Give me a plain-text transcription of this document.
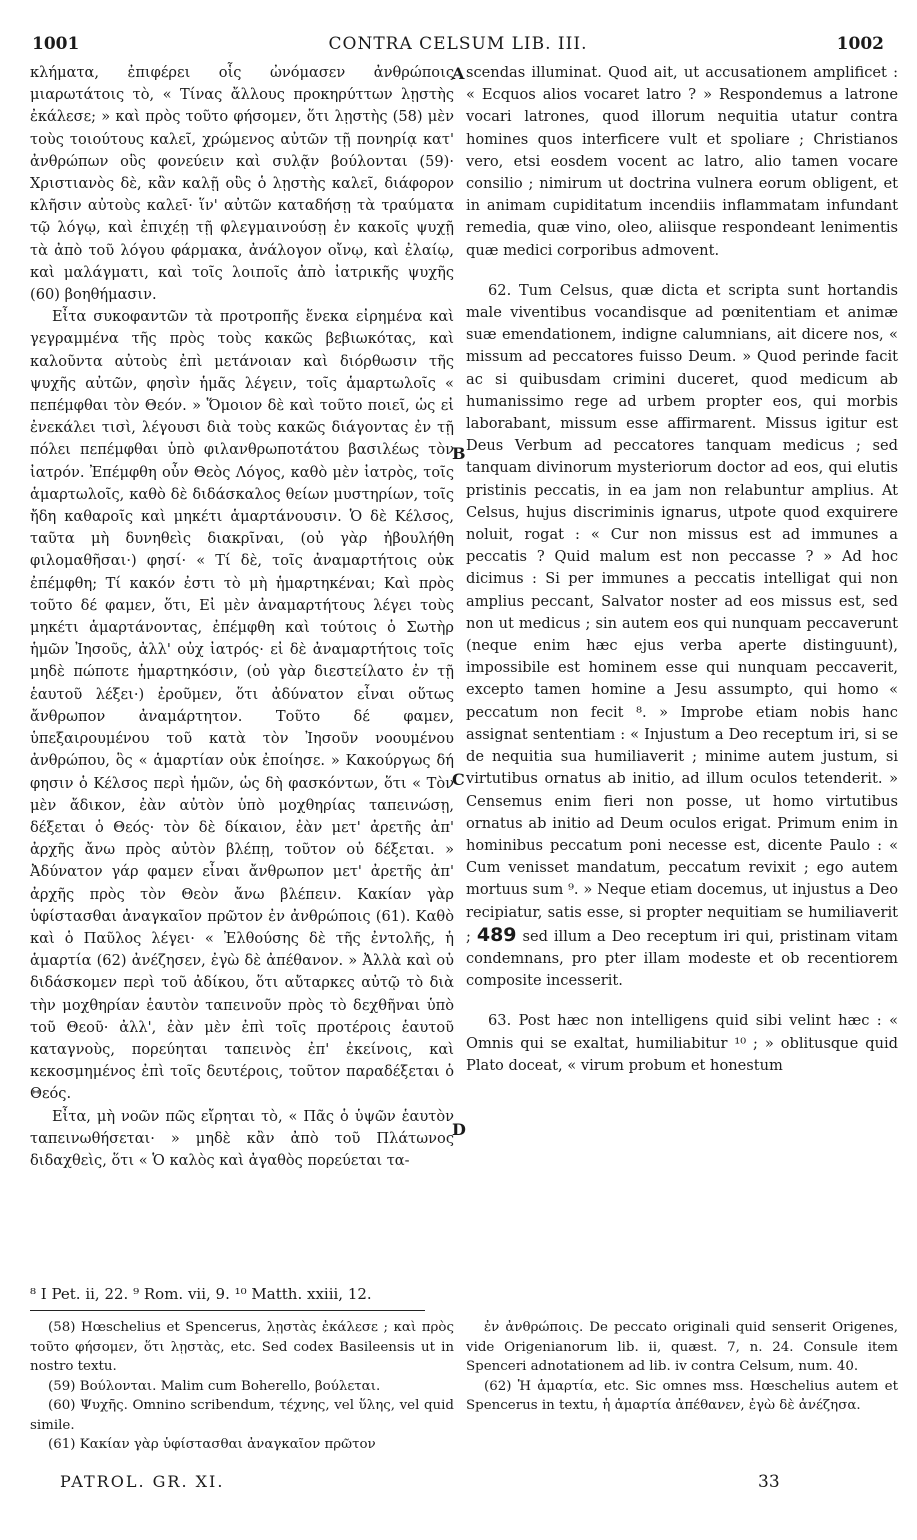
1001	CONTRA CELSUM LIB. III.	1002

κλήματα, ἐπιφέρει οἷς ὠνόμασεν ἀνθρώποις μιαρωτάτοις τὸ, « Τίνας ἄλλους προκηρύττων λῃστὴς ἐκάλεσε; » καὶ πρὸς τοῦτο φήσομεν, ὅτι λῃστὴς (58) μὲν τοὺς τοιούτους καλεῖ, χρώμενος αὐτῶν τῇ πονηρίᾳ κατ' ἀνθρώπων οὓς φονεύειν καὶ συλᾷν βούλονται (59)· Χριστιανὸς δὲ, κἂν καλῇ οὓς ὁ λῃστὴς καλεῖ, διάφορον κλῆσιν αὐτοὺς καλεῖ· ἵν' αὐτῶν καταδήσῃ τὰ τραύματα τῷ λόγῳ, καὶ ἐπιχέῃ τῇ φλεγμαινούσῃ ἐν κακοῖς ψυχῇ τὰ ἀπὸ τοῦ λόγου φάρμακα, ἀνάλογον οἴνῳ, καὶ ἐλαίῳ, καὶ μαλάγματι, καὶ τοῖς λοιποῖς ἀπὸ ἰατρικῆς ψυχῆς (60) βοηθήμασιν.

Εἶτα συκοφαντῶν τὰ προτροπῆς ἕνεκα εἰρημένα καὶ γεγραμμένα τῆς πρὸς τοὺς κακῶς βεβιωκότας, καὶ καλοῦντα αὐτοὺς ἐπὶ μετάνοιαν καὶ διόρθωσιν τῆς ψυχῆς αὐτῶν, φησὶν ἡμᾶς λέγειν, τοῖς ἁμαρτωλοῖς « πεπέμφθαι τὸν Θεόν. » Ὅμοιον δὲ καὶ τοῦτο ποιεῖ, ὡς εἰ ἐνεκάλει τισὶ, λέγουσι διὰ τοὺς κακῶς διάγοντας ἐν τῇ πόλει πεπέμφθαι ὑπὸ φιλανθρωποτάτου βασιλέως τὸν ἰατρόν. Ἐπέμφθη οὖν Θεὸς Λόγος, καθὸ μὲν ἰατρὸς, τοῖς ἁμαρτωλοῖς, καθὸ δὲ διδάσκαλος θείων μυστηρίων, τοῖς ἤδη καθαροῖς καὶ μηκέτι ἁμαρτάνουσιν. Ὁ δὲ Κέλσος, ταῦτα μὴ δυνηθεὶς διακρῖναι, (οὐ γὰρ ἠβουλήθη φιλομαθῆσαι·) φησί· « Τί δὲ, τοῖς ἀναμαρτήτοις οὐκ ἐπέμφθη; Τί κακόν ἐστι τὸ μὴ ἡμαρτηκέναι; Καὶ πρὸς τοῦτο δέ φαμεν, ὅτι, Εἰ μὲν ἀναμαρτήτους λέγει τοὺς μηκέτι ἁμαρτάνοντας, ἐπέμφθη καὶ τούτοις ὁ Σωτὴρ ἡμῶν Ἰησοῦς, ἀλλ' οὐχ ἰατρός· εἰ δὲ ἀναμαρτήτοις τοῖς μηδὲ πώποτε ἡμαρτηκόσιν, (οὐ γὰρ διεστείλατο ἐν τῇ ἑαυτοῦ λέξει·) ἐροῦμεν, ὅτι ἀδύνατον εἶναι οὕτως ἄνθρωπον ἀναμάρτητον. Τοῦτο δέ φαμεν, ὑπεξαιρουμένου τοῦ κατὰ τὸν Ἰησοῦν νοουμένου ἀνθρώπου, ὃς « ἁμαρτίαν οὐκ ἐποίησε. » Κακούργως δή φησιν ὁ Κέλσος περὶ ἡμῶν, ὡς δὴ φασκόντων, ὅτι « Τὸν μὲν ἄδικον, ἐὰν αὐτὸν ὑπὸ μοχθηρίας ταπεινώσῃ, δέξεται ὁ Θεός· τὸν δὲ δίκαιον, ἐὰν μετ' ἀρετῆς ἀπ' ἀρχῆς ἄνω πρὸς αὐτὸν βλέπῃ, τοῦτον οὐ δέξεται. » Ἀδύνατον γάρ φαμεν εἶναι ἄνθρωπον μετ' ἀρετῆς ἀπ' ἀρχῆς πρὸς τὸν Θεὸν ἄνω βλέπειν. Κακίαν γὰρ ὑφίστασθαι ἀναγκαῖον πρῶτον ἐν ἀνθρώποις (61). Καθὸ καὶ ὁ Παῦλος λέγει· « Ἐλθούσης δὲ τῆς ἐντολῆς, ἡ ἁμαρτία (62) ἀνέζησεν, ἐγὼ δὲ ἀπέθανον. » Ἀλλὰ καὶ οὐ διδάσκομεν περὶ τοῦ ἀδίκου, ὅτι αὔταρκες αὐτῷ τὸ διὰ τὴν μοχθηρίαν ἑαυτὸν ταπεινοῦν πρὸς τὸ δεχθῆναι ὑπὸ τοῦ Θεοῦ· ἀλλ', ἐὰν μὲν ἐπὶ τοῖς προτέροις ἑαυτοῦ καταγνοὺς, πορεύηται ταπεινὸς ἐπ' ἐκείνοις, καὶ κεκοσμημένος ἐπὶ τοῖς δευτέροις, τοῦτον παραδέξεται ὁ Θεός.

Εἶτα, μὴ νοῶν πῶς εἴρηται τὸ, « Πᾶς ὁ ὑψῶν ἑαυτὸν ταπεινωθήσεται· » μηδὲ κἂν ἀπὸ τοῦ Πλάτωνος διδαχθεὶς, ὅτι « Ὁ καλὸς καὶ ἀγαθὸς πορεύεται τα-

A
B
C
D

scendas illuminat. Quod ait, ut accusationem amplificet : « Ecquos alios vocaret latro ? » Respondemus a latrone vocari latrones, quod illorum nequitia utatur contra homines quos interficere vult et spoliare ; Christianos vero, etsi eosdem vocent ac latro, alio tamen vocare consilio ; nimirum ut doctrina vulnera eorum obligent, et in animam cupiditatum incendiis inflammatam infundant remedia, quæ vino, oleo, aliisque respondeant lenimentis quæ medici corporibus admovent.

62. Tum Celsus, quæ dicta et scripta sunt hortandis male viventibus vocandisque ad pœnitentiam et animæ suæ emendationem, indigne calumnians, ait dicere nos, « missum ad peccatores fuisso Deum. » Quod perinde facit ac si quibusdam crimini duceret, quod medicum ab humanissimo rege ad urbem propter eos, qui morbis laborabant, missum esse affirmarent. Missus igitur est Deus Verbum ad peccatores tanquam medicus ; sed tanquam divinorum mysteriorum doctor ad eos, qui elutis pristinis peccatis, in ea jam non relabuntur amplius. At Celsus, hujus discriminis ignarus, utpote quod exquirere noluit, rogat : « Cur non missus est ad immunes a peccatis ? Quid malum est non peccasse ? » Ad hoc dicimus : Si per immunes a peccatis intelligat qui non amplius peccant, Salvator noster ad eos missus est, sed non ut medicus ; sin autem eos qui nunquam peccaverunt (neque enim hæc ejus verba aperte distinguunt), impossibile est hominem esse qui nunquam peccaverit, excepto tamen homine a Jesu assumpto, qui homo « peccatum non fecit ⁸. » Improbe etiam nobis hanc assignat sententiam : « Injustum a Deo receptum iri, si se de nequitia sua humiliaverit ; minime autem justum, si virtutibus ornatus ab initio, ad illum oculos tetenderit. » Censemus enim fieri non posse, ut homo virtutibus ornatus ab initio ad Deum oculos erigat. Primum enim in hominibus peccatum poni necesse est, dicente Paulo : « Cum venisset mandatum, peccatum revixit ; ego autem mortuus sum ⁹. » Neque etiam docemus, ut injustus a Deo recipiatur, satis esse, si propter nequitiam se humiliaverit ; 489 sed illum a Deo receptum iri qui, pristinam vitam condemnans, pro pter illam modeste et ob recentiorem composite incesserit.

63. Post hæc non intelligens quid sibi velint hæc : « Omnis qui se exaltat, humiliabitur ¹⁰ ; » oblitusque quid Plato doceat, « virum probum et honestum

⁸ I Pet. ii, 22. ⁹ Rom. vii, 9. ¹⁰ Matth. xxiii, 12.

(58) Hœschelius et Spencerus, λῃστὰς ἐκάλεσε ; καὶ πρὸς τοῦτο φήσομεν, ὅτι λῃστὰς, etc. Sed codex Basileensis ut in nostro textu.

(59) Βούλονται. Malim cum Boherello, βούλεται.

(60) Ψυχῆς. Omnino scribendum, τέχνης, vel ὕλης, vel quid simile.

(61) Κακίαν γὰρ ὑφίστασθαι ἀναγκαῖον πρῶτον

ἐν ἀνθρώποις. De peccato originali quid senserit Origenes, vide Origenianorum lib. ii, quæst. 7, n. 24. Consule item Spenceri adnotationem ad lib. iv contra Celsum, num. 40.

(62) Ἡ ἁμαρτία, etc. Sic omnes mss. Hœschelius autem et Spencerus in textu, ἡ ἁμαρτία ἀπέθανεν, ἐγὼ δὲ ἀνέζησα.

PATROL. GR. XI.	33
